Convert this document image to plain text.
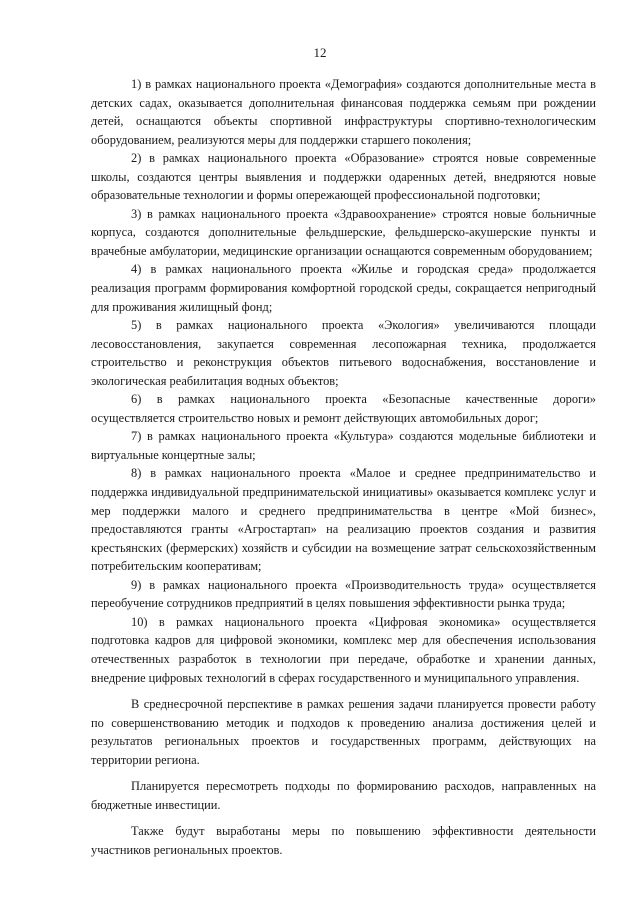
12

1) в рамках национального проекта «Демография» создаются дополнительные места в детских садах, оказывается дополнительная финансовая поддержка семьям при рождении детей, оснащаются объекты спортивной инфраструктуры спортивно-технологическим оборудованием, реализуются меры для поддержки старшего поколения;

2) в рамках национального проекта «Образование» строятся новые современные школы, создаются центры выявления и поддержки одаренных детей, внедряются новые образовательные технологии и формы опережающей профессиональной подготовки;

3) в рамках национального проекта «Здравоохранение» строятся новые больничные корпуса, создаются дополнительные фельдшерские, фельдшерско-акушерские пункты и врачебные амбулатории, медицинские организации оснащаются современным оборудованием;

4) в рамках национального проекта «Жилье и городская среда» продолжается реализация программ формирования комфортной городской среды, сокращается непригодный для проживания жилищный фонд;

5) в рамках национального проекта «Экология» увеличиваются площади лесовосстановления, закупается современная лесопожарная техника, продолжается строительство и реконструкция объектов питьевого водоснабжения, восстановление и экологическая реабилитация водных объектов;

6) в рамках национального проекта «Безопасные качественные дороги» осуществляется строительство новых и ремонт действующих автомобильных дорог;

7) в рамках национального проекта «Культура» создаются модельные библиотеки и виртуальные концертные залы;

8) в рамках национального проекта «Малое и среднее предпринимательство и поддержка индивидуальной предпринимательской инициативы» оказывается комплекс услуг и мер поддержки малого и среднего предпринимательства в центре «Мой бизнес», предоставляются гранты «Агростартап» на реализацию проектов создания и развития крестьянских (фермерских) хозяйств и субсидии на возмещение затрат сельскохозяйственным потребительским кооперативам;

9) в рамках национального проекта «Производительность труда» осуществляется переобучение сотрудников предприятий в целях повышения эффективности рынка труда;

10) в рамках национального проекта «Цифровая экономика» осуществляется подготовка кадров для цифровой экономики, комплекс мер для обеспечения использования отечественных разработок в технологии при передаче, обработке и хранении данных, внедрение цифровых технологий в сферах государственного и муниципального управления.

В среднесрочной перспективе в рамках решения задачи планируется провести работу по совершенствованию методик и подходов к проведению анализа достижения целей и результатов региональных проектов и государственных программ, действующих на территории региона.

Планируется пересмотреть подходы по формированию расходов, направленных на бюджетные инвестиции.

Также будут выработаны меры по повышению эффективности деятельности участников региональных проектов.
